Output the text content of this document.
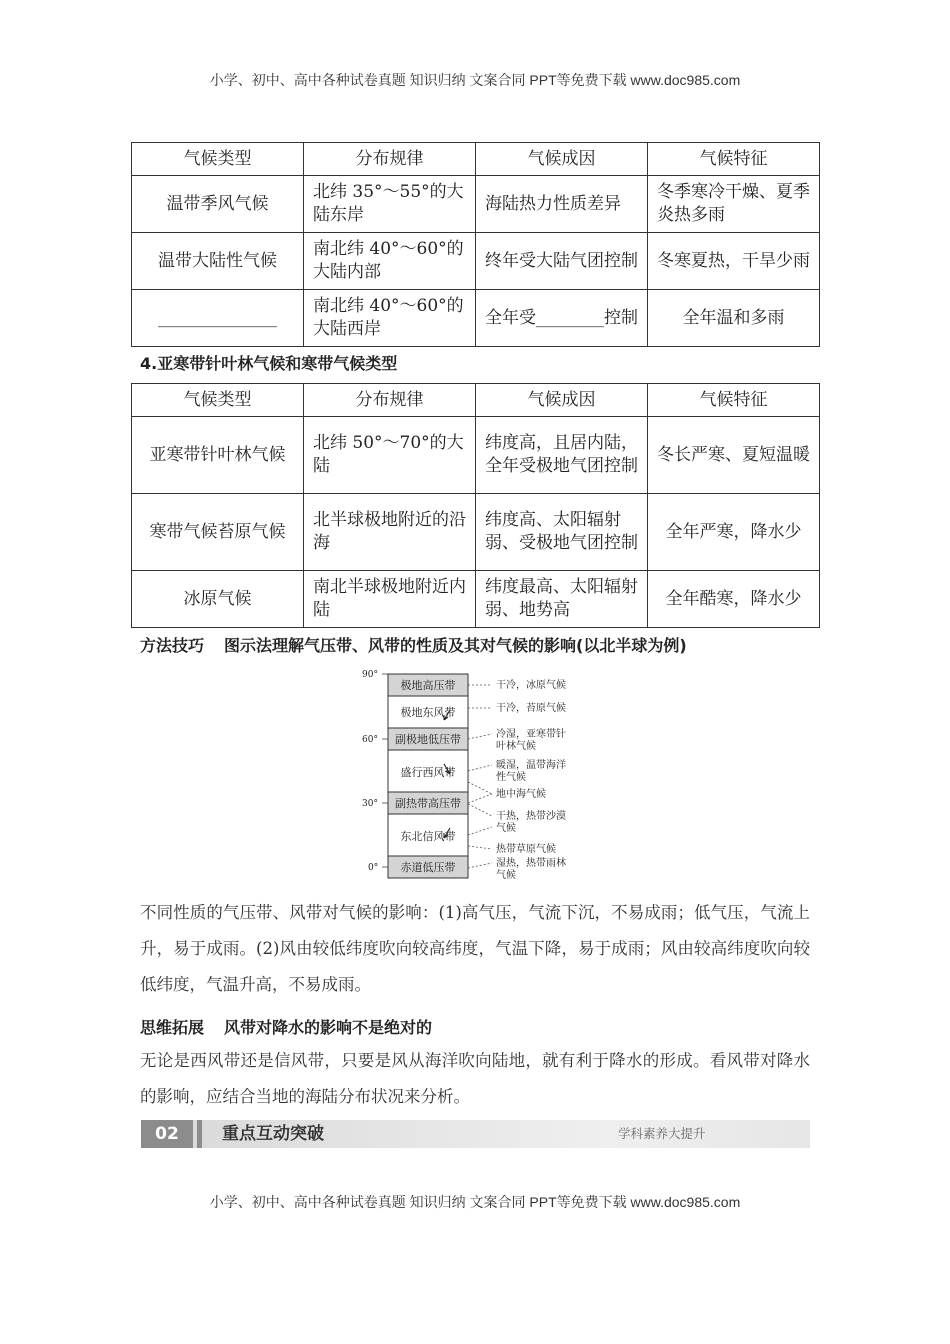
小学、初中、高中各种试卷真题 知识归纳 文案合同 PPT等免费下载 www.doc985.com
气候类型	分布规律	气候成因	气候特征
温带季风气候	北纬 35°～55°的大陆东岸	海陆热力性质差异	冬季寒冷干燥、夏季炎热多雨
温带大陆性气候	南北纬 40°～60°的大陆内部	终年受大陆气团控制	冬寒夏热，干旱少雨
______________	南北纬 40°～60°的大陆西岸	全年受________控制	全年温和多雨
4.亚寒带针叶林气候和寒带气候类型
气候类型	分布规律	气候成因	气候特征
亚寒带针叶林气候	北纬 50°～70°的大陆	纬度高，且居内陆，全年受极地气团控制	冬长严寒、夏短温暖
寒带气候苔原气候	北半球极地附近的沿海	纬度高、太阳辐射弱、受极地气团控制	全年严寒，降水少
冰原气候	南北半球极地附近内陆	纬度最高、太阳辐射弱、地势高	全年酷寒，降水少
方法技巧 图示法理解气压带、风带的性质及其对气候的影响(以北半球为例)
90°
60°
30°
0°
极地高压带
极地东风带
副极地低压带
盛行西风带
副热带高压带
东北信风带
赤道低压带
干冷，冰原气候
干冷，苔原气候
冷湿，亚寒带针
叶林气候
暖湿，温带海洋
性气候
地中海气候
干热，热带沙漠
气候
热带草原气候
湿热，热带雨林
气候
不同性质的气压带、风带对气候的影响：(1)高气压，气流下沉，不易成雨；低气压，气流上升，易于成雨。(2)风由较低纬度吹向较高纬度，气温下降，易于成雨；风由较高纬度吹向较低纬度，气温升高，不易成雨。
思维拓展 风带对降水的影响不是绝对的
无论是西风带还是信风带，只要是风从海洋吹向陆地，就有利于降水的形成。看风带对降水的影响，应结合当地的海陆分布状况来分析。
02	重点互动突破	学科素养大提升
小学、初中、高中各种试卷真题 知识归纳 文案合同 PPT等免费下载 www.doc985.com
